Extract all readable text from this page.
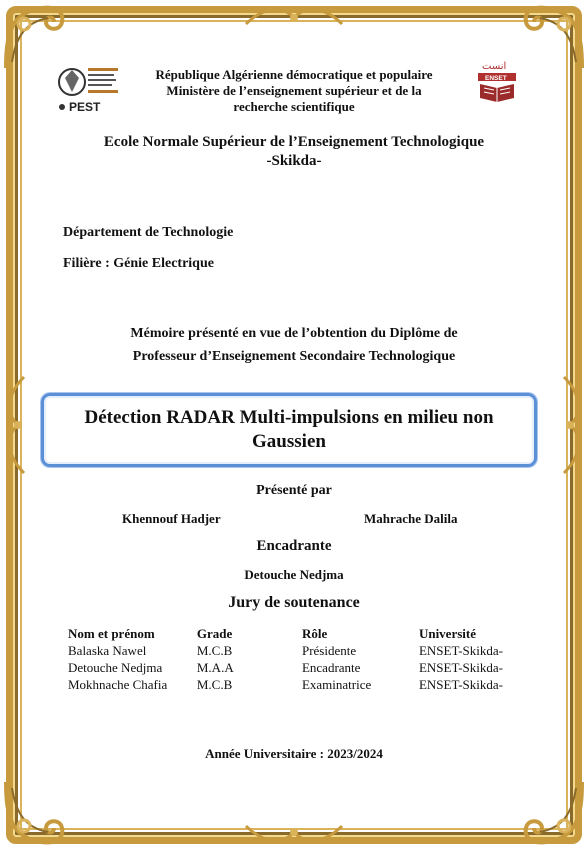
PEST
ﺍﻧﺴﺖ
ENSET
République Algérienne démocratique et populaire
Ministère de l’enseignement supérieur et de la
recherche scientifique
Ecole Normale Supérieur de l’Enseignement Technologique
-Skikda-
Département de Technologie
Filière : Génie Electrique
Mémoire présenté en vue de l’obtention du Diplôme de
Professeur d’Enseignement Secondaire Technologique
Détection RADAR Multi-impulsions en milieu non
Gaussien
Présenté par
Khennouf Hadjer	Mahrache Dalila
Encadrante
Detouche Nedjma
Jury de soutenance
Nom et prénom	Grade	Rôle	Université
Balaska Nawel	M.C.B	Présidente	ENSET-Skikda-
Detouche Nedjma	M.A.A	Encadrante	ENSET-Skikda-
Mokhnache Chafia	M.C.B	Examinatrice	ENSET-Skikda-
Année Universitaire : 2023/2024
